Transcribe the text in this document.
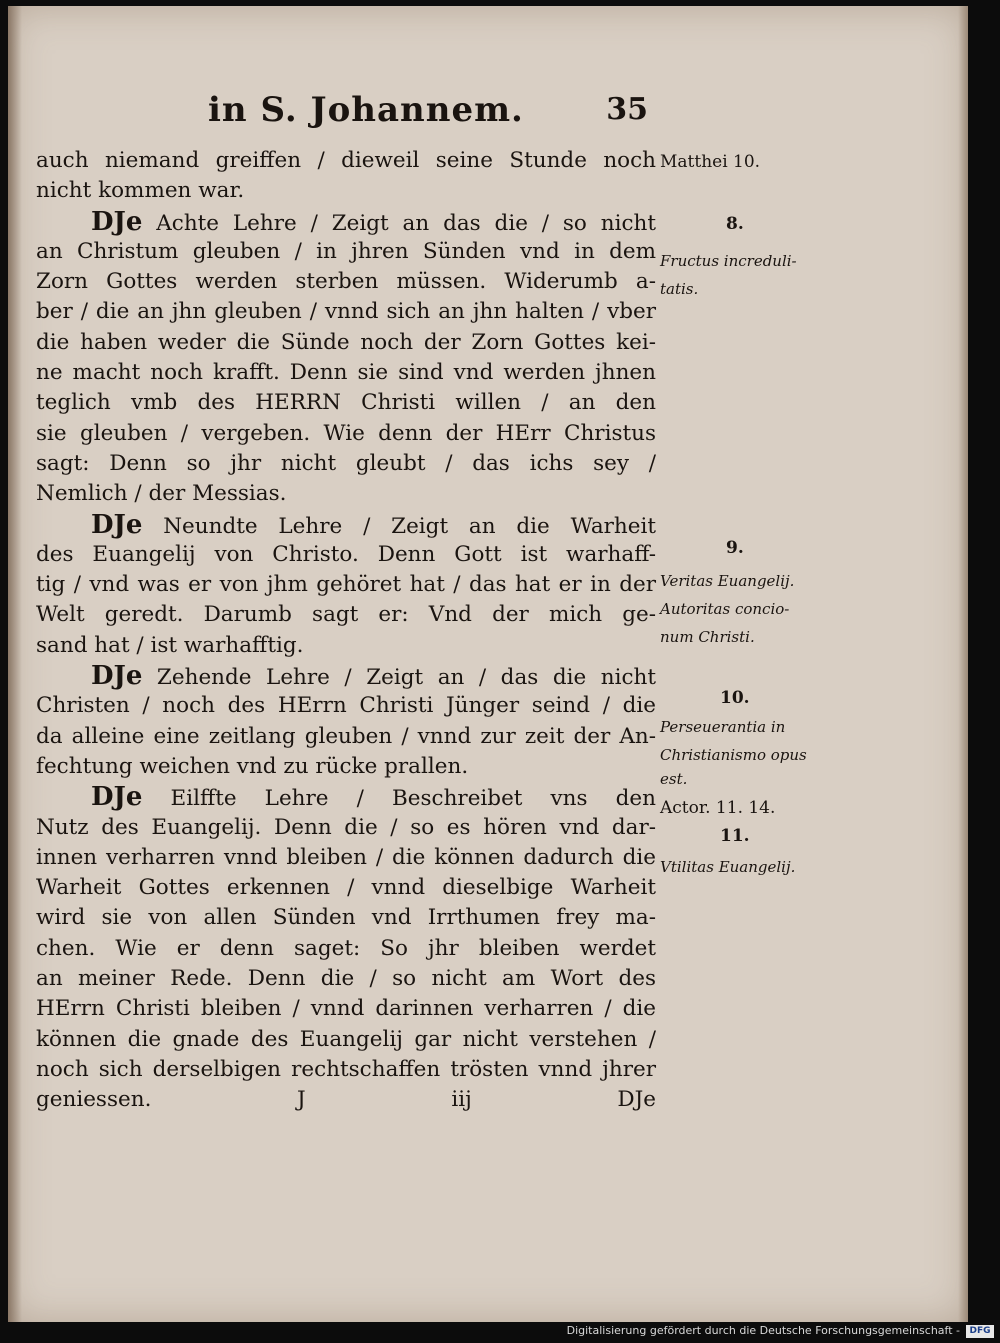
in S. Johannem.	35
auch niemand greiffen / dieweil seine Stunde noch
nicht kommen war.
DJe Achte Lehre / Zeigt an das die / so nicht
an Christum gleuben / in jhren Sünden vnd in dem
Zorn Gottes werden sterben müssen. Widerumb a-
ber / die an jhn gleuben / vnnd sich an jhn halten / vber
die haben weder die Sünde noch der Zorn Gottes kei-
ne macht noch krafft. Denn sie sind vnd werden jhnen
teglich vmb des HERRN Christi willen / an den
sie gleuben / vergeben. Wie denn der HErr Christus
sagt: Denn so jhr nicht gleubt / das ichs sey /
Nemlich / der Messias.
DJe Neundte Lehre / Zeigt an die Warheit
des Euangelij von Christo. Denn Gott ist warhaff-
tig / vnd was er von jhm gehöret hat / das hat er in der
Welt geredt. Darumb sagt er: Vnd der mich ge-
sand hat / ist warhafftig.
DJe Zehende Lehre / Zeigt an / das die nicht
Christen / noch des HErrn Christi Jünger seind / die
da alleine eine zeitlang gleuben / vnnd zur zeit der An-
fechtung weichen vnd zu rücke prallen.
DJe Eilffte Lehre / Beschreibet vns den
Nutz des Euangelij. Denn die / so es hören vnd dar-
innen verharren vnnd bleiben / die können dadurch die
Warheit Gottes erkennen / vnnd dieselbige Warheit
wird sie von allen Sünden vnd Irrthumen frey ma-
chen. Wie er denn saget: So jhr bleiben werdet
an meiner Rede. Denn die / so nicht am Wort des
HErrn Christi bleiben / vnnd darinnen verharren / die
können die gnade des Euangelij gar nicht verstehen /
noch sich derselbigen rechtschaffen trösten vnnd jhrer
geniessen. J iij DJe
Matthei 10.
8.
Fructus increduli-
tatis.
9.
Veritas Euangelij.
Autoritas concio-
num Christi.
10.
Perseuerantia in
Christianismo opus
est.
Actor. 11. 14.
11.
Vtilitas Euangelij.
Digitalisierung gefördert durch die Deutsche Forschungsgemeinschaft -	DFG
